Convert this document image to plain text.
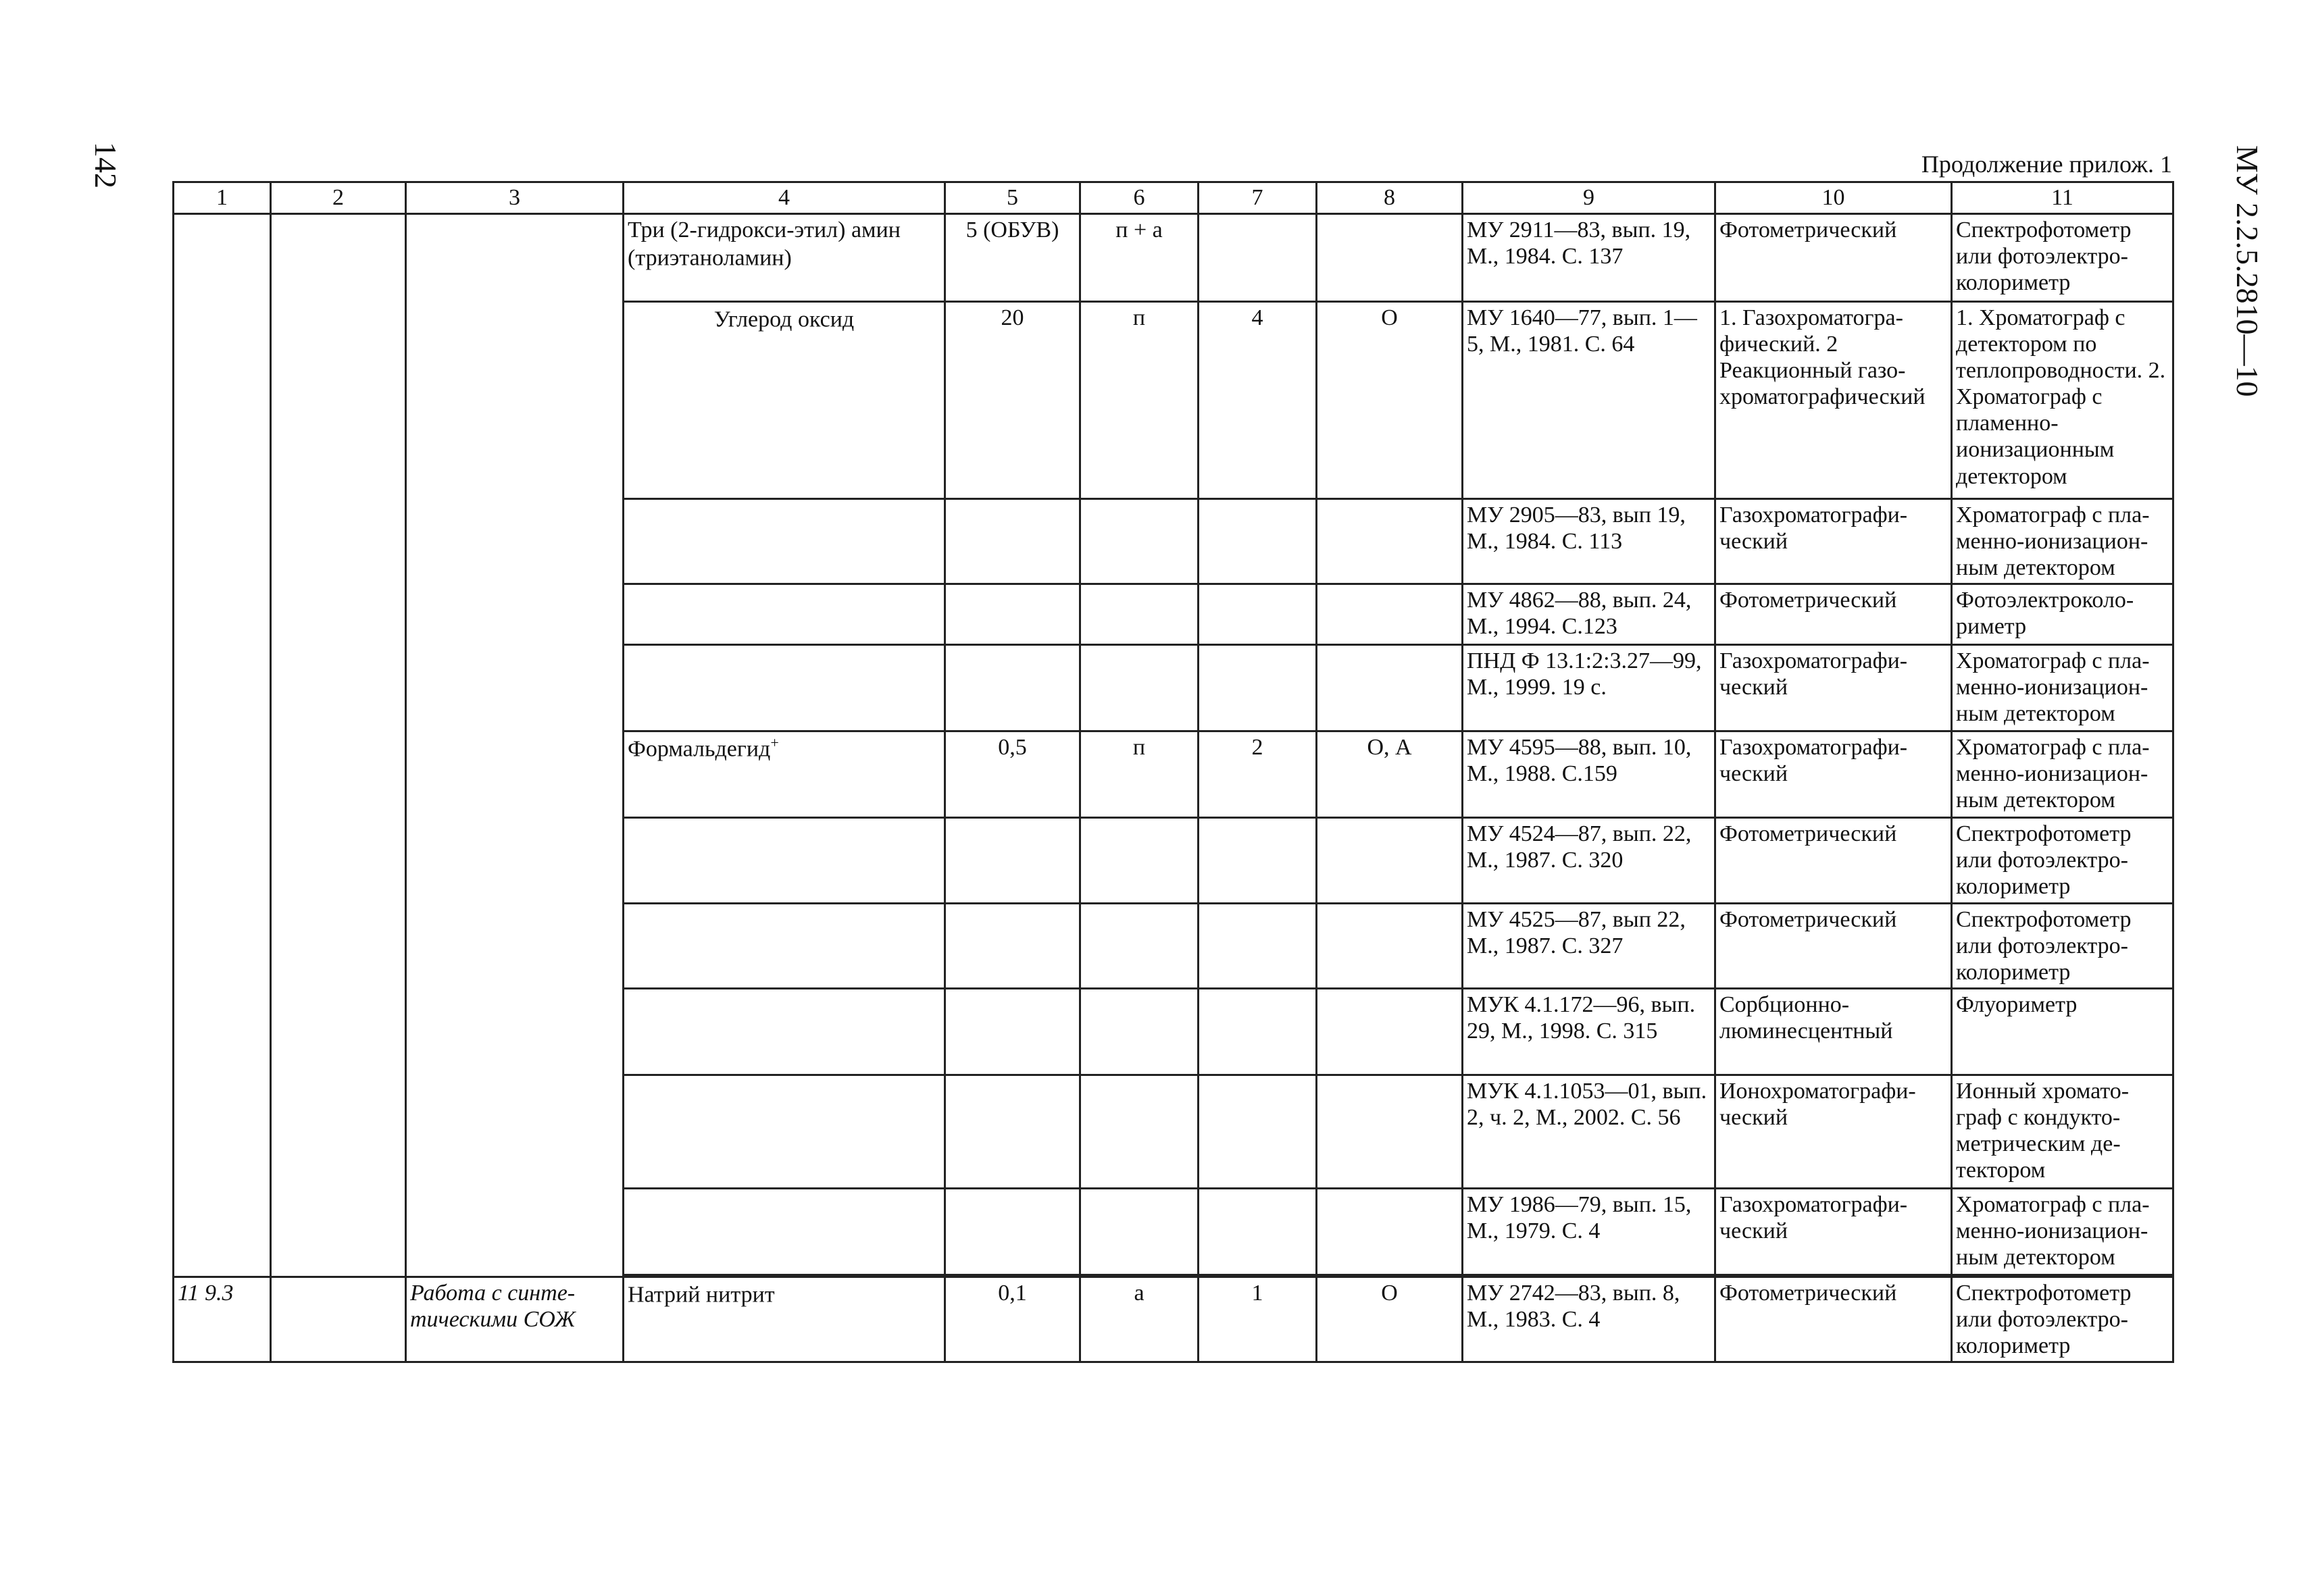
142	МУ 2.2.5.2810—10
Продолжение прилож. 1
1	2	3	4	5	6	7	8	9	10	11
			Три (2-гидрокси-этил) амин (триэтаноламин)	5 (ОБУВ)	п + а			МУ 2911—83, вып. 19, М., 1984. С. 137	Фотометрический	Спектрофотометр или фотоэлектро-колориметр
			Углерод оксид	20	п	4	О	МУ 1640—77, вып. 1—5, М., 1981. С. 64	1. Газохроматогра-фический. 2 Реакционный газо-хроматографический	1. Хроматограф с детектором по теплопроводности. 2. Хроматограф с пламенно-ионизационным детектором
								МУ 2905—83, вып 19, М., 1984. С. 113	Газохроматографи-ческий	Хроматограф с пла-менно-ионизацион-ным детектором
								МУ 4862—88, вып. 24, М., 1994. С.123	Фотометрический	Фотоэлектроколо-риметр
								ПНД Ф 13.1:2:3.27—99, М., 1999. 19 с.	Газохроматографи-ческий	Хроматограф с пла-менно-ионизацион-ным детектором
			Формальдегид+	0,5	п	2	О, А	МУ 4595—88, вып. 10, М., 1988. С.159	Газохроматографи-ческий	Хроматограф с пла-менно-ионизацион-ным детектором
								МУ 4524—87, вып. 22, М., 1987. С. 320	Фотометрический	Спектрофотометр или фотоэлектро-колориметр
								МУ 4525—87, вып 22, М., 1987. С. 327	Фотометрический	Спектрофотометр или фотоэлектро-колориметр
								МУК 4.1.172—96, вып. 29, М., 1998. С. 315	Сорбционно-люминесцентный	Флуориметр
								МУК 4.1.1053—01, вып. 2, ч. 2, М., 2002. С. 56	Ионохроматографи-ческий	Ионный хромато-граф с кондукто-метрическим де-тектором
								МУ 1986—79, вып. 15, М., 1979. С. 4	Газохроматографи-ческий	Хроматограф с пла-менно-ионизацион-ным детектором

11 9.3		Работа с синте-тическими СОЖ	Натрий нитрит	0,1	а	1	О	МУ 2742—83, вып. 8, М., 1983. С. 4	Фотометрический	Спектрофотометр или фотоэлектро-колориметр
